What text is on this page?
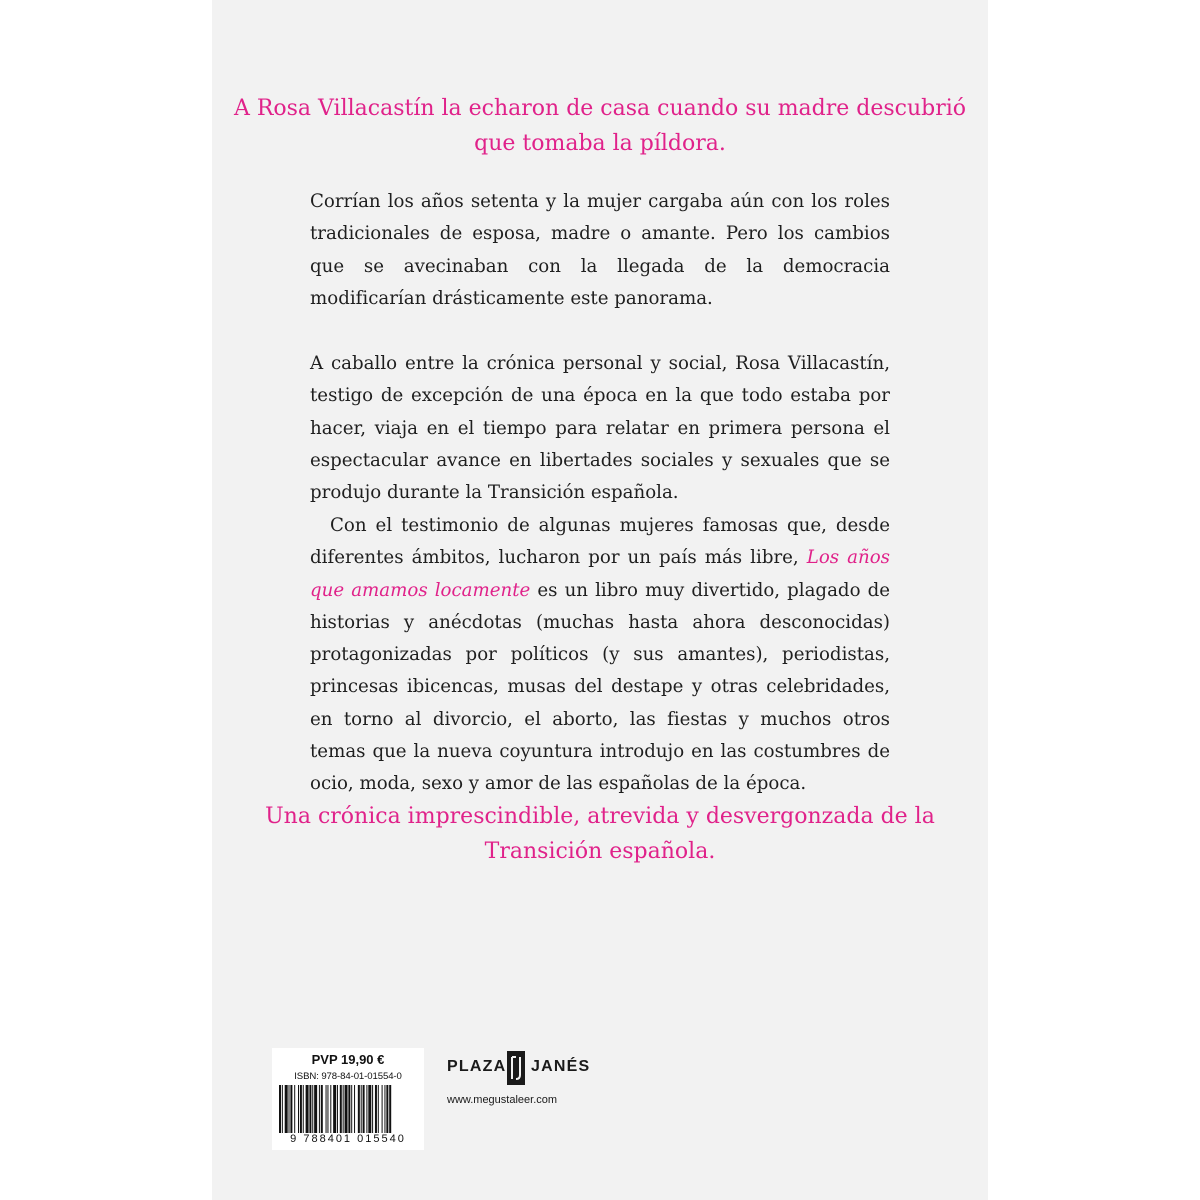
A Rosa Villacastín la echaron de casa cuando su madre descubrió que tomaba la píldora.

Corrían los años setenta y la mujer cargaba aún con los roles tradicionales de esposa, madre o amante. Pero los cambios que se avecinaban con la llegada de la democracia modificarían drásticamente este panorama.

A caballo entre la crónica personal y social, Rosa Villacastín, testigo de excepción de una época en la que todo estaba por hacer, viaja en el tiempo para relatar en primera persona el espectacular avance en libertades sociales y sexuales que se produjo durante la Transición española.

Con el testimonio de algunas mujeres famosas que, desde diferentes ámbitos, lucharon por un país más libre, Los años que amamos locamente es un libro muy divertido, plagado de historias y anécdotas (muchas hasta ahora desconocidas) protagonizadas por políticos (y sus amantes), periodistas, princesas ibicencas, musas del destape y otras celebridades, en torno al divorcio, el aborto, las fiestas y muchos otros temas que la nueva coyuntura introdujo en las costumbres de ocio, moda, sexo y amor de las españolas de la época.

Una crónica imprescindible, atrevida y desvergonzada de la Transición española.

PVP 19,90 €
ISBN: 978-84-01-01554-0
9 788401 015540
PLAZA JANÉS
www.megustaleer.com
